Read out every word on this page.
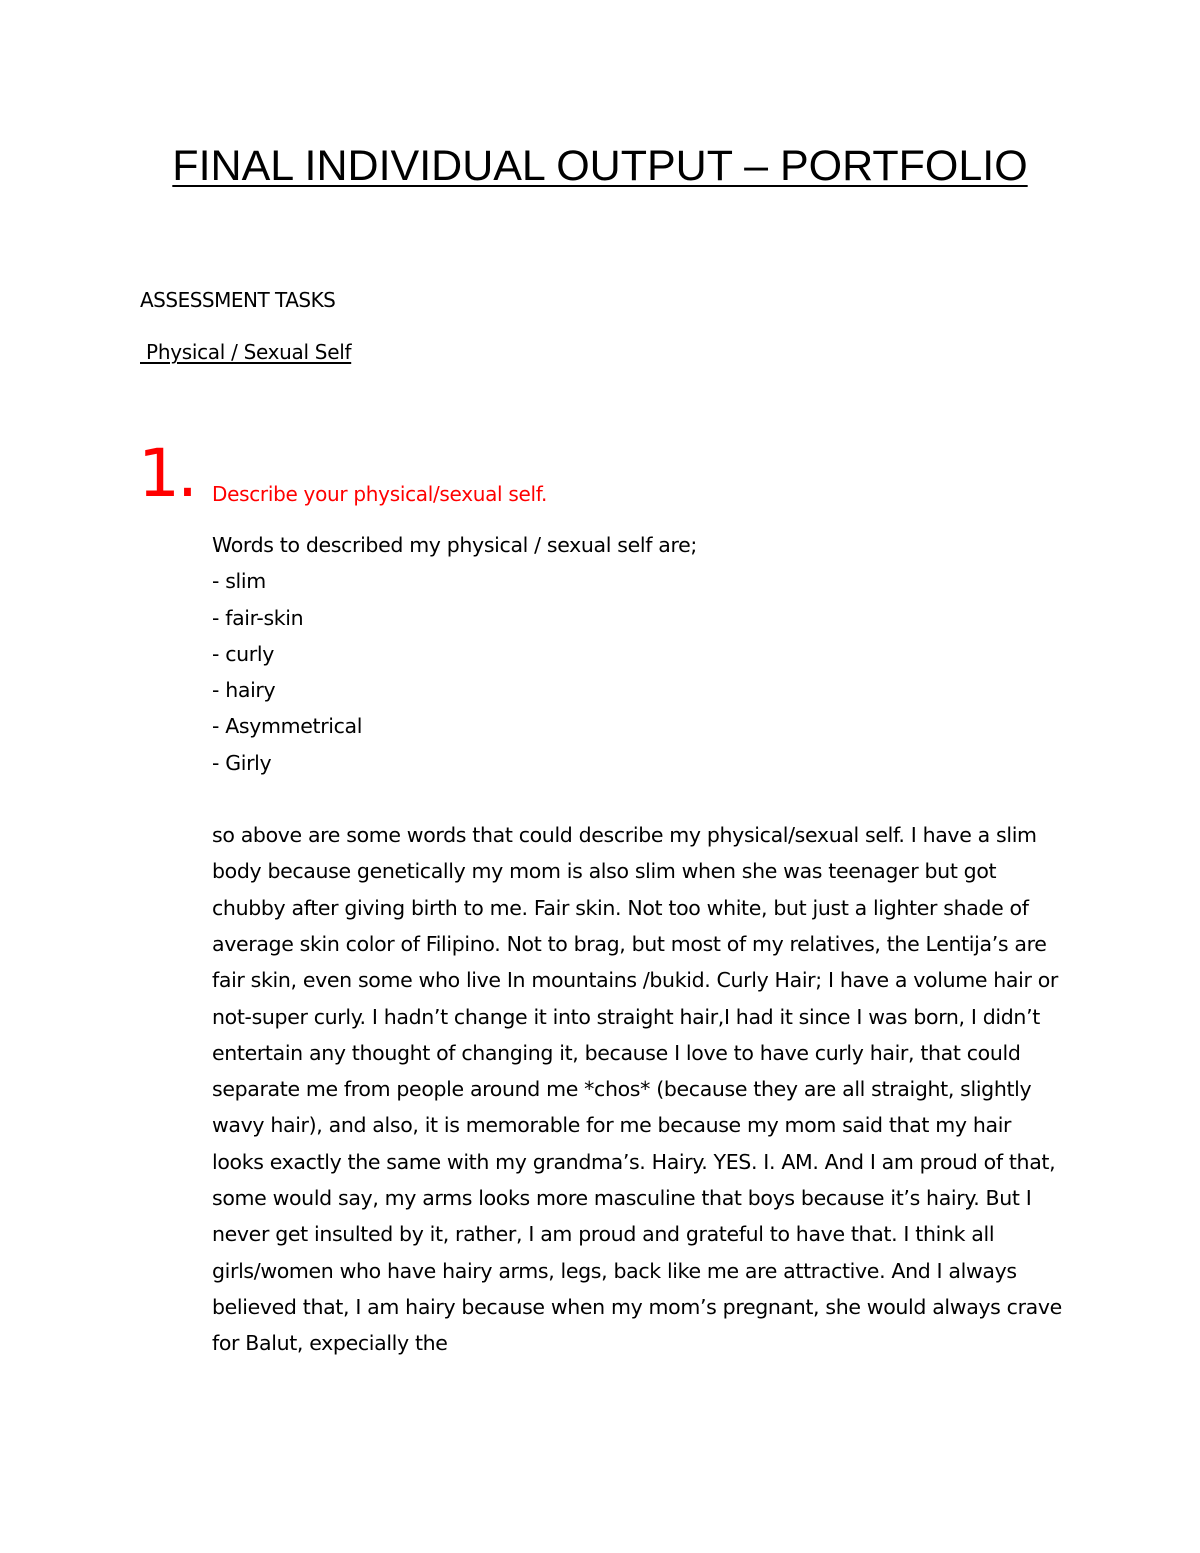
FINAL INDIVIDUAL OUTPUT – PORTFOLIO
ASSESSMENT TASKS
Physical / Sexual Self
1. Describe your physical/sexual self.

Words to described my physical / sexual self are;

- slim
- fair-skin
- curly
- hairy
- Asymmetrical
- Girly

so above are some words that could describe my physical/sexual self. I have a slim body because genetically my mom is also slim when she was teenager but got chubby after giving birth to me. Fair skin. Not too white, but just a lighter shade of average skin color of Filipino. Not to brag, but most of my relatives, the Lentija’s are fair skin, even some who live In mountains /bukid. Curly Hair; I have a volume hair or not-super curly. I hadn’t change it into straight hair,I had it since I was born, I didn’t entertain any thought of changing it, because I love to have curly hair, that could separate me from people around me *chos* (because they are all straight, slightly wavy hair), and also, it is memorable for me because my mom said that my hair looks exactly the same with my grandma’s. Hairy. YES. I. AM. And I am proud of that, some would say, my arms looks more masculine that boys because it’s hairy. But I never get insulted by it, rather, I am proud and grateful to have that. I think all girls/women who have hairy arms, legs, back like me are attractive. And I always believed that, I am hairy because when my mom’s pregnant, she would always crave for Balut, expecially the
